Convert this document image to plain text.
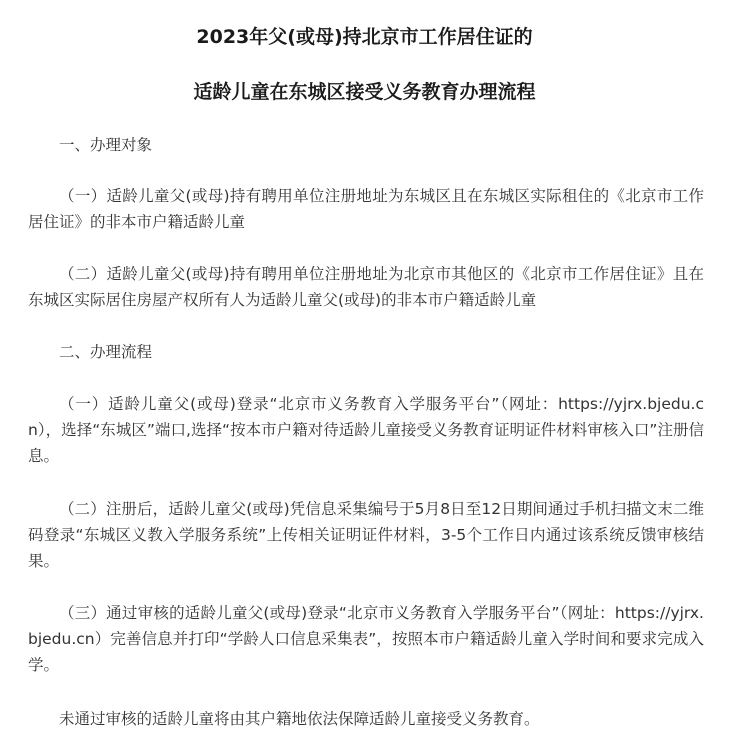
2023年父(或母)持北京市工作居住证的
适龄儿童在东城区接受义务教育办理流程

一、办理对象

（一）适龄儿童父(或母)持有聘用单位注册地址为东城区且在东城区实际租住的《北京市工作居住证》的非本市户籍适龄儿童

（二）适龄儿童父(或母)持有聘用单位注册地址为北京市其他区的《北京市工作居住证》且在东城区实际居住房屋产权所有人为适龄儿童父(或母)的非本市户籍适龄儿童

二、办理流程

（一）适龄儿童父(或母)登录“北京市义务教育入学服务平台”（网址：https://yjrx.bjedu.cn），选择“东城区”端口,选择“按本市户籍对待适龄儿童接受义务教育证明证件材料审核入口”注册信息。

（二）注册后，适龄儿童父(或母)凭信息采集编号于5月8日至12日期间通过手机扫描文末二维码登录“东城区义教入学服务系统”上传相关证明证件材料，3-5个工作日内通过该系统反馈审核结果。

（三）通过审核的适龄儿童父(或母)登录“北京市义务教育入学服务平台”（网址：https://yjrx.bjedu.cn）完善信息并打印“学龄人口信息采集表”，按照本市户籍适龄儿童入学时间和要求完成入学。

未通过审核的适龄儿童将由其户籍地依法保障适龄儿童接受义务教育。
